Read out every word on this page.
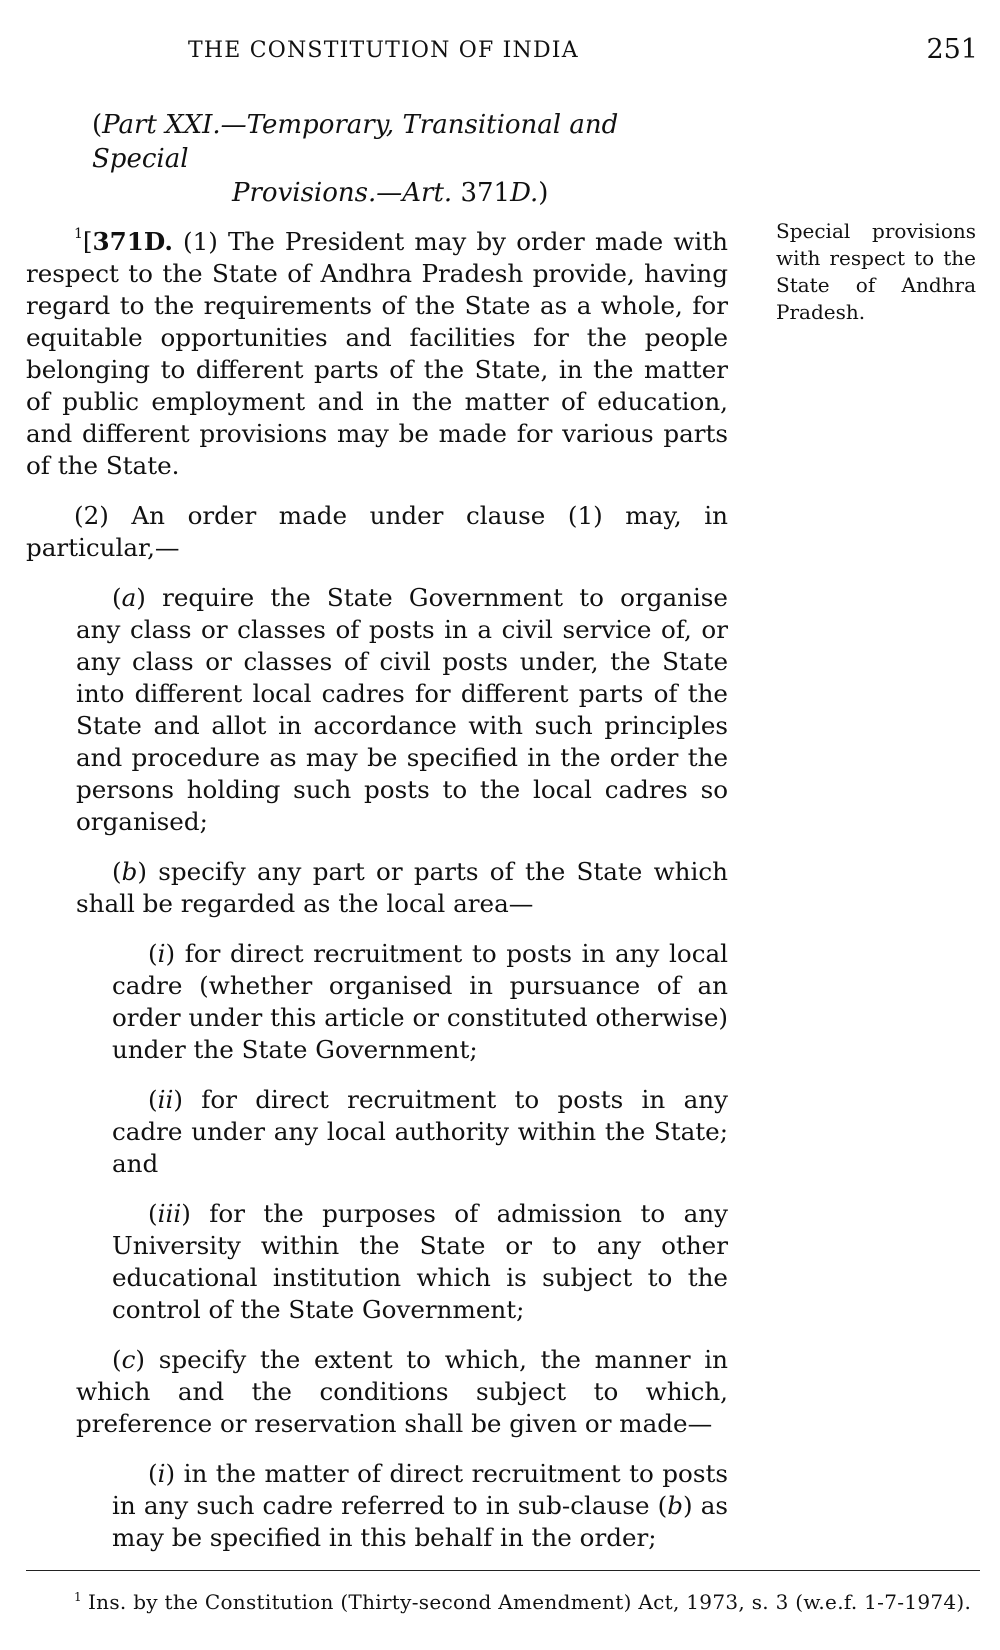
THE CONSTITUTION OF INDIA	251
(Part XXI.—Temporary, Transitional and Special
Provisions.—Art. 371D.)
Special provisions with respect to the State of Andhra Pradesh.

$^1$[371D. (1) The President may by order made with respect to the State of Andhra Pradesh provide, having regard to the requirements of the State as a whole, for equitable opportunities and facilities for the people belonging to different parts of the State, in the matter of public employment and in the matter of education, and different provisions may be made for various parts of the State.

(2) An order made under clause (1) may, in particular,—

(a) require the State Government to organise any class or classes of posts in a civil service of, or any class or classes of civil posts under, the State into different local cadres for different parts of the State and allot in accordance with such principles and procedure as may be specified in the order the persons holding such posts to the local cadres so organised;

(b) specify any part or parts of the State which shall be regarded as the local area—

(i) for direct recruitment to posts in any local cadre (whether organised in pursuance of an order under this article or constituted otherwise) under the State Government;

(ii) for direct recruitment to posts in any cadre under any local authority within the State; and

(iii) for the purposes of admission to any University within the State or to any other educational institution which is subject to the control of the State Government;

(c) specify the extent to which, the manner in which and the conditions subject to which, preference or reservation shall be given or made—

(i) in the matter of direct recruitment to posts in any such cadre referred to in sub-clause (b) as may be specified in this behalf in the order;

$^1$ Ins. by the Constitution (Thirty-second Amendment) Act, 1973, s. 3 (w.e.f. 1-7-1974).
